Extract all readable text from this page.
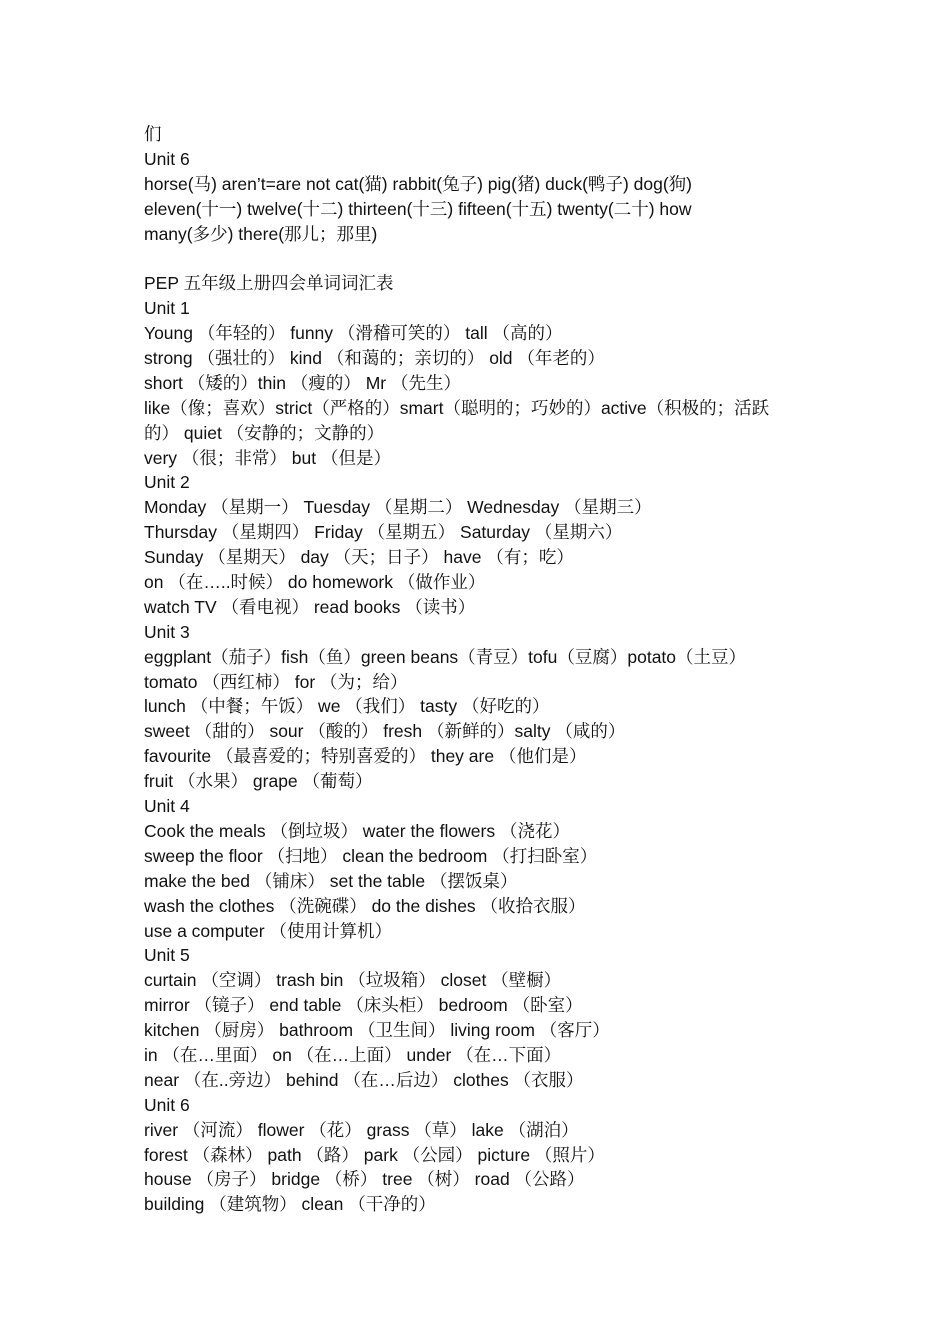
们

Unit 6

horse(马) aren’t=are not cat(猫) rabbit(兔子) pig(猪) duck(鸭子) dog(狗)

eleven(十一) twelve(十二) thirteen(十三) fifteen(十五) twenty(二十) how

many(多少) there(那儿；那里)

PEP 五年级上册四会单词词汇表

Unit 1

Young （年轻的） funny （滑稽可笑的） tall （高的）

strong （强壮的） kind （和蔼的；亲切的） old （年老的）

short （矮的）thin （瘦的） Mr （先生）

like（像；喜欢）strict（严格的）smart（聪明的；巧妙的）active（积极的；活跃

的） quiet （安静的；文静的）

very （很；非常） but （但是）

Unit 2

Monday （星期一） Tuesday （星期二） Wednesday （星期三）

Thursday （星期四） Friday （星期五） Saturday （星期六）

Sunday （星期天） day （天；日子） have （有；吃）

on （在…..时候） do homework （做作业）

watch TV （看电视） read books （读书）

Unit 3

eggplant（茄子）fish（鱼）green beans（青豆）tofu（豆腐）potato（土豆）

tomato （西红柿） for （为；给）

lunch （中餐；午饭） we （我们） tasty （好吃的）

sweet （甜的） sour （酸的） fresh （新鲜的）salty （咸的）

favourite （最喜爱的；特别喜爱的） they are （他们是）

fruit （水果） grape （葡萄）

Unit 4

Cook the meals （倒垃圾） water the flowers （浇花）

sweep the floor （扫地） clean the bedroom （打扫卧室）

make the bed （铺床） set the table （摆饭桌）

wash the clothes （洗碗碟） do the dishes （收拾衣服）

use a computer （使用计算机）

Unit 5

curtain （空调） trash bin （垃圾箱） closet （壁橱）

mirror （镜子） end table （床头柜） bedroom （卧室）

kitchen （厨房） bathroom （卫生间） living room （客厅）

in （在…里面） on （在…上面） under （在…下面）

near （在..旁边） behind （在…后边） clothes （衣服）

Unit 6

river （河流） flower （花） grass （草） lake （湖泊）

forest （森林） path （路） park （公园） picture （照片）

house （房子） bridge （桥） tree （树） road （公路）

building （建筑物） clean （干净的）
